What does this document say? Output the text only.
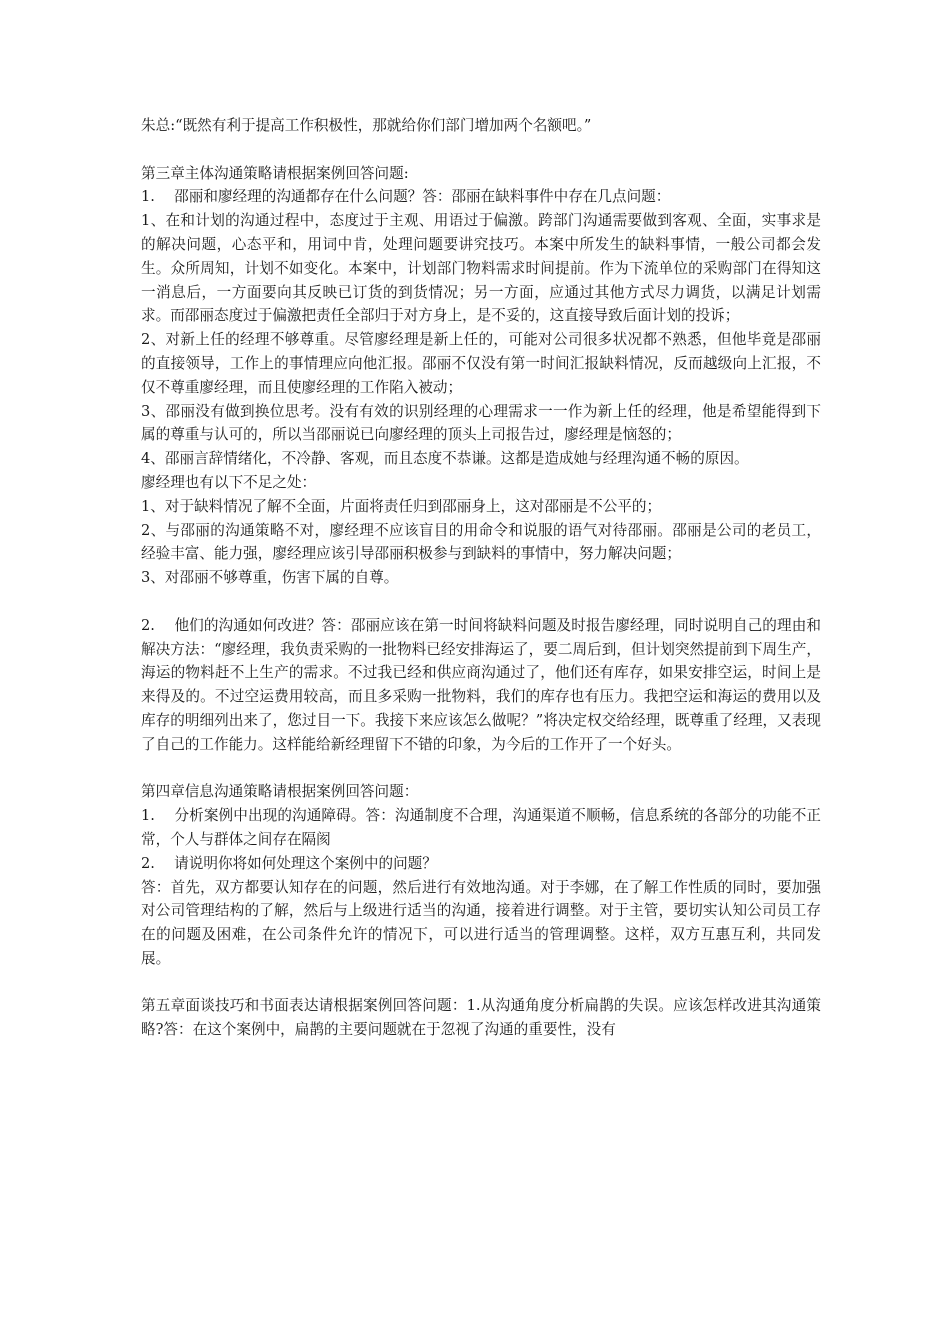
朱总:“既然有利于提高工作积极性，那就给你们部门增加两个名额吧。”

第三章主体沟通策略请根据案例回答问题:

1.　 邵丽和廖经理的沟通都存在什么问题？答：邵丽在缺料事件中存在几点问题：

1、在和计划的沟通过程中，态度过于主观、用语过于偏激。跨部门沟通需要做到客观、全面，实事求是的解决问题，心态平和，用词中肯，处理问题要讲究技巧。本案中所发生的缺料事情，一般公司都会发生。众所周知，计划不如变化。本案中，计划部门物料需求时间提前。作为下流单位的采购部门在得知这一消息后，一方面要向其反映已订货的到货情况；另一方面，应通过其他方式尽力调货，以满足计划需求。而邵丽态度过于偏激把责任全部归于对方身上，是不妥的，这直接导致后面计划的投诉；

2、对新上任的经理不够尊重。尽管廖经理是新上任的，可能对公司很多状况都不熟悉，但他毕竟是邵丽的直接领导，工作上的事情理应向他汇报。邵丽不仅没有第一时间汇报缺料情况，反而越级向上汇报，不仅不尊重廖经理，而且使廖经理的工作陷入被动；

3、邵丽没有做到换位思考。没有有效的识别经理的心理需求一一作为新上任的经理，他是希望能得到下属的尊重与认可的，所以当邵丽说已向廖经理的顶头上司报告过，廖经理是恼怒的；

4、邵丽言辞情绪化，不冷静、客观，而且态度不恭谦。这都是造成她与经理沟通不畅的原因。

廖经理也有以下不足之处：

1、对于缺料情况了解不全面，片面将责任归到邵丽身上，这对邵丽是不公平的；

2、与邵丽的沟通策略不对，廖经理不应该盲目的用命令和说服的语气对待邵丽。邵丽是公司的老员工，经验丰富、能力强，廖经理应该引导邵丽积极参与到缺料的事情中，努力解决问题；

3、对邵丽不够尊重，伤害下属的自尊。

2.　 他们的沟通如何改进？答：邵丽应该在第一时间将缺料问题及时报告廖经理，同时说明自己的理由和解决方法：“廖经理，我负责采购的一批物料已经安排海运了，要二周后到，但计划突然提前到下周生产，海运的物料赶不上生产的需求。不过我已经和供应商沟通过了，他们还有库存，如果安排空运，时间上是来得及的。不过空运费用较高，而且多采购一批物料，我们的库存也有压力。我把空运和海运的费用以及库存的明细列出来了，您过目一下。我接下来应该怎么做呢？”将决定权交给经理，既尊重了经理，又表现了自己的工作能力。这样能给新经理留下不错的印象，为今后的工作开了一个好头。

第四章信息沟通策略请根据案例回答问题：

1.　 分析案例中出现的沟通障碍。答：沟通制度不合理，沟通渠道不顺畅，信息系统的各部分的功能不正常，个人与群体之间存在隔阂

2.　 请说明你将如何处理这个案例中的问题？

答：首先，双方都要认知存在的问题，然后进行有效地沟通。对于李娜，在了解工作性质的同时，要加强对公司管理结构的了解，然后与上级进行适当的沟通，接着进行调整。对于主管，要切实认知公司员工存在的问题及困难，在公司条件允许的情况下，可以进行适当的管理调整。这样，双方互惠互利，共同发展。

第五章面谈技巧和书面表达请根据案例回答问题：1.从沟通角度分析扁鹊的失误。应该怎样改进其沟通策略?答：在这个案例中，扁鹊的主要问题就在于忽视了沟通的重要性，没有
